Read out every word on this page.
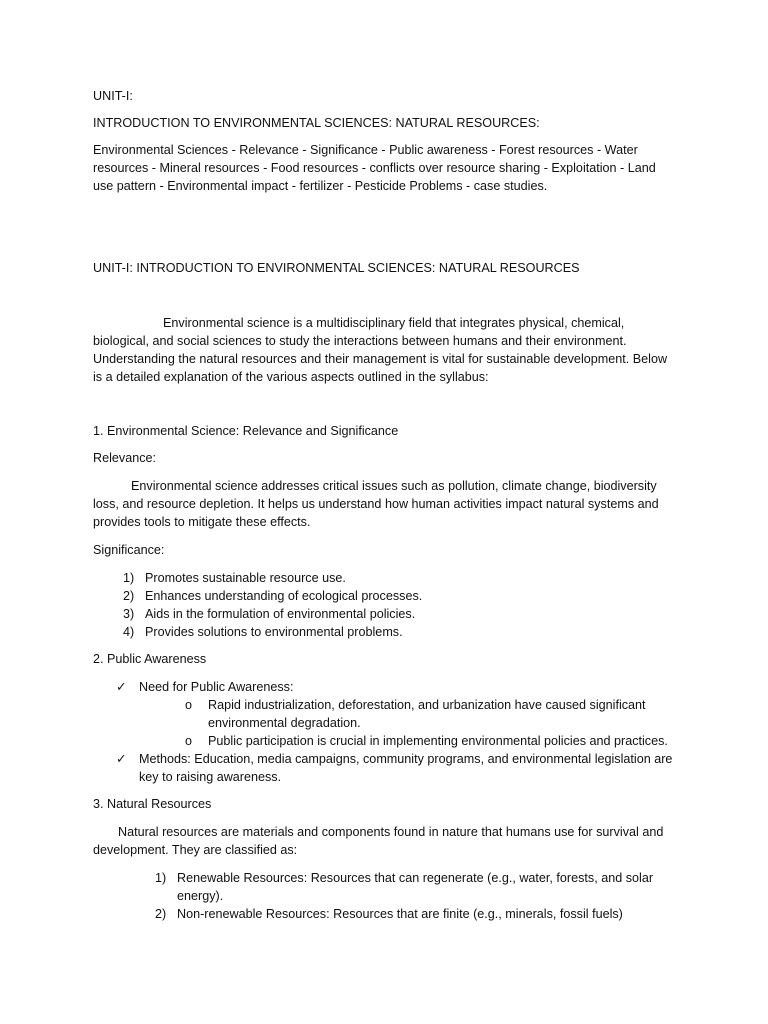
UNIT-I:

INTRODUCTION TO ENVIRONMENTAL SCIENCES: NATURAL RESOURCES:

Environmental Sciences - Relevance - Significance - Public awareness - Forest resources - Water resources - Mineral resources - Food resources - conflicts over resource sharing - Exploitation - Land use pattern - Environmental impact - fertilizer - Pesticide Problems - case studies.

UNIT-I: INTRODUCTION TO ENVIRONMENTAL SCIENCES: NATURAL RESOURCES

Environmental science is a multidisciplinary field that integrates physical, chemical, biological, and social sciences to study the interactions between humans and their environment. Understanding the natural resources and their management is vital for sustainable development. Below is a detailed explanation of the various aspects outlined in the syllabus:

1. Environmental Science: Relevance and Significance

Relevance:

Environmental science addresses critical issues such as pollution, climate change, biodiversity loss, and resource depletion. It helps us understand how human activities impact natural systems and provides tools to mitigate these effects.

Significance:

1) Promotes sustainable resource use.
2) Enhances understanding of ecological processes.
3) Aids in the formulation of environmental policies.
4) Provides solutions to environmental problems.

2. Public Awareness

✓ Need for Public Awareness:
o Rapid industrialization, deforestation, and urbanization have caused significant environmental degradation.
o Public participation is crucial in implementing environmental policies and practices.
✓ Methods: Education, media campaigns, community programs, and environmental legislation are key to raising awareness.

3. Natural Resources

Natural resources are materials and components found in nature that humans use for survival and development. They are classified as:

1) Renewable Resources: Resources that can regenerate (e.g., water, forests, and solar energy).
2) Non-renewable Resources: Resources that are finite (e.g., minerals, fossil fuels)
